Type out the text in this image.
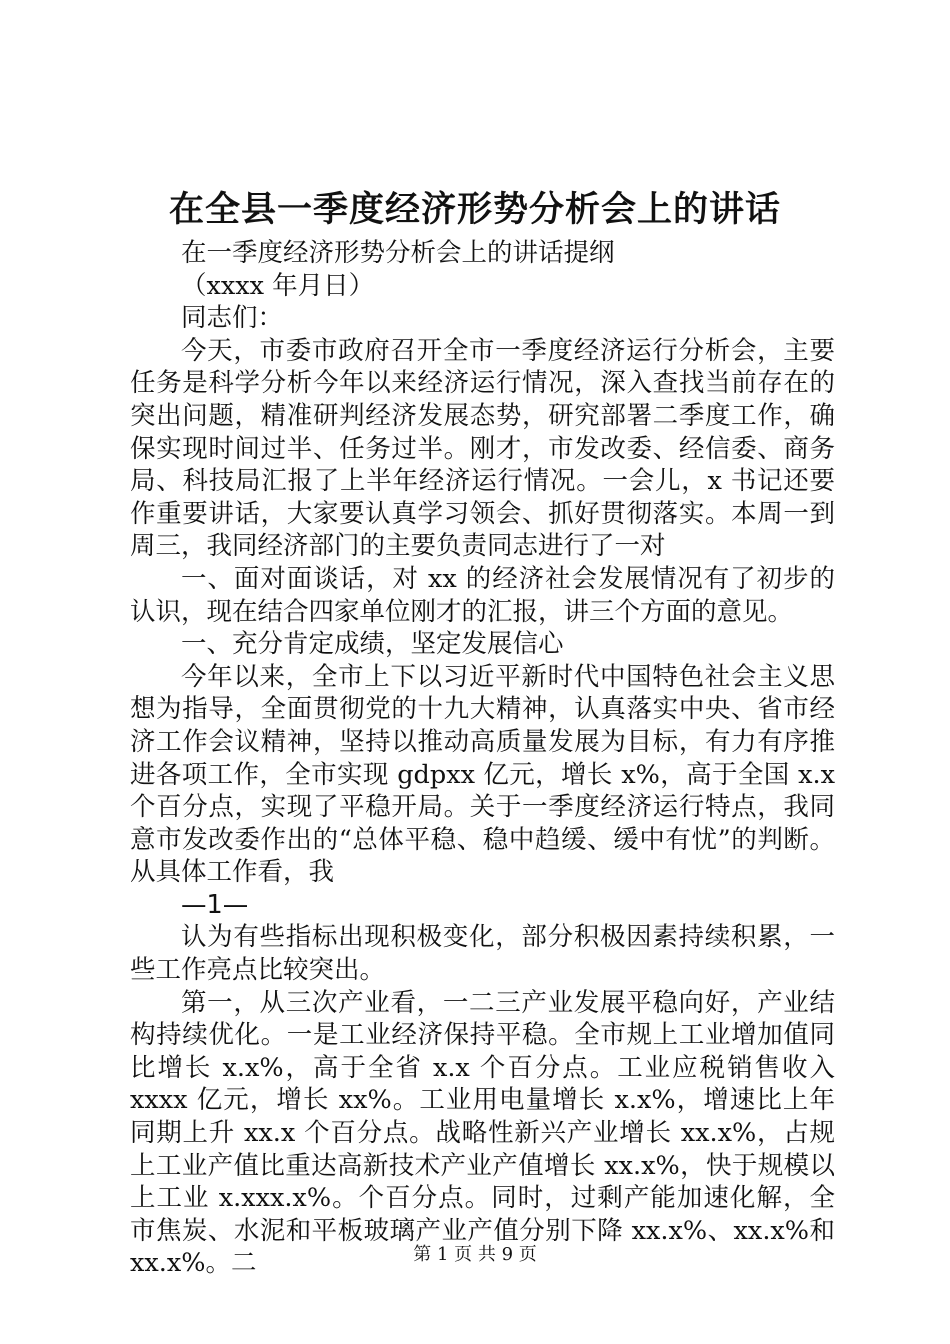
在全县一季度经济形势分析会上的讲话

在一季度经济形势分析会上的讲话提纲

（xxxx 年月日）

同志们：

今天，市委市政府召开全市一季度经济运行分析会，主要任务是科学分析今年以来经济运行情况，深入查找当前存在的突出问题，精准研判经济发展态势，研究部署二季度工作，确保实现时间过半、任务过半。刚才，市发改委、经信委、商务局、科技局汇报了上半年经济运行情况。一会儿，x 书记还要作重要讲话，大家要认真学习领会、抓好贯彻落实。本周一到周三，我同经济部门的主要负责同志进行了一对

一、面对面谈话，对 xx 的经济社会发展情况有了初步的认识，现在结合四家单位刚才的汇报，讲三个方面的意见。

一、充分肯定成绩，坚定发展信心

今年以来，全市上下以习近平新时代中国特色社会主义思想为指导，全面贯彻党的十九大精神，认真落实中央、省市经济工作会议精神，坚持以推动高质量发展为目标，有力有序推进各项工作，全市实现 gdpxx 亿元，增长 x%，高于全国 x.x 个百分点，实现了平稳开局。关于一季度经济运行特点，我同意市发改委作出的“总体平稳、稳中趋缓、缓中有忧”的判断。从具体工作看，我

—1—

认为有些指标出现积极变化，部分积极因素持续积累，一些工作亮点比较突出。

第一，从三次产业看，一二三产业发展平稳向好，产业结构持续优化。一是工业经济保持平稳。全市规上工业增加值同比增长 x.x%，高于全省 x.x 个百分点。工业应税销售收入 xxxx 亿元，增长 xx%。工业用电量增长 x.x%，增速比上年同期上升 xx.x 个百分点。战略性新兴产业增长 xx.x%，占规上工业产值比重达高新技术产业产值增长 xx.x%，快于规模以上工业 x.xxx.x%。个百分点。同时，过剩产能加速化解，全市焦炭、水泥和平板玻璃产业产值分别下降 xx.x%、xx.x%和 xx.x%。二	第 1 页 共 9 页
